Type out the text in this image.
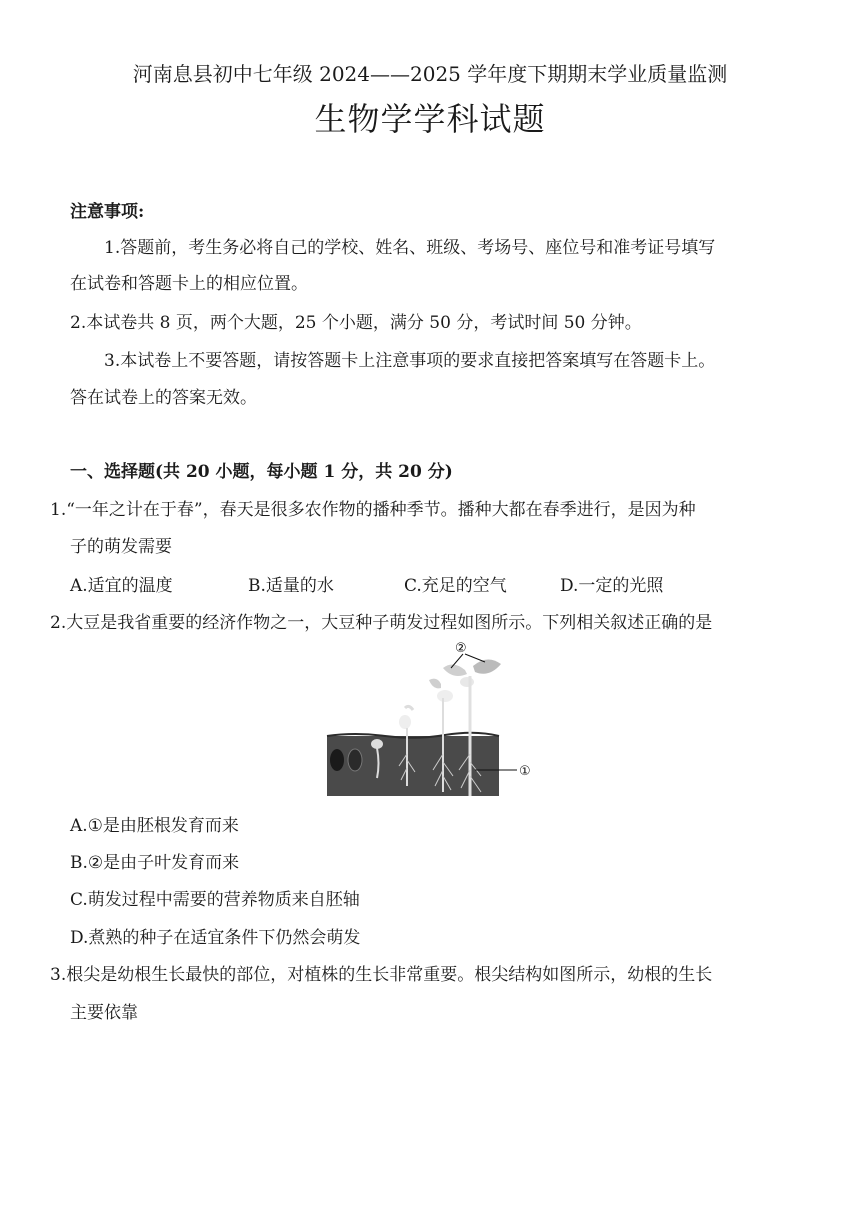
河南息县初中七年级 2024——2025 学年度下期期末学业质量监测
生物学学科试题
注意事项:
1.答题前，考生务必将自己的学校、姓名、班级、考场号、座位号和准考证号填写
在试卷和答题卡上的相应位置。
2.本试卷共 8 页，两个大题，25 个小题，满分 50 分，考试时间 50 分钟。
3.本试卷上不要答题，请按答题卡上注意事项的要求直接把答案填写在答题卡上。
答在试卷上的答案无效。
一、选择题(共 20 小题，每小题 1 分，共 20 分)
1.“一年之计在于春”，春天是很多农作物的播种季节。播种大都在春季进行，是因为种
子的萌发需要
A.适宜的温度	B.适量的水	C.充足的空气	D.一定的光照
2.大豆是我省重要的经济作物之一，大豆种子萌发过程如图所示。下列相关叙述正确的是
②
①
A.①是由胚根发育而来
B.②是由子叶发育而来
C.萌发过程中需要的营养物质来自胚轴
D.煮熟的种子在适宜条件下仍然会萌发
3.根尖是幼根生长最快的部位，对植株的生长非常重要。根尖结构如图所示，幼根的生长
主要依靠
